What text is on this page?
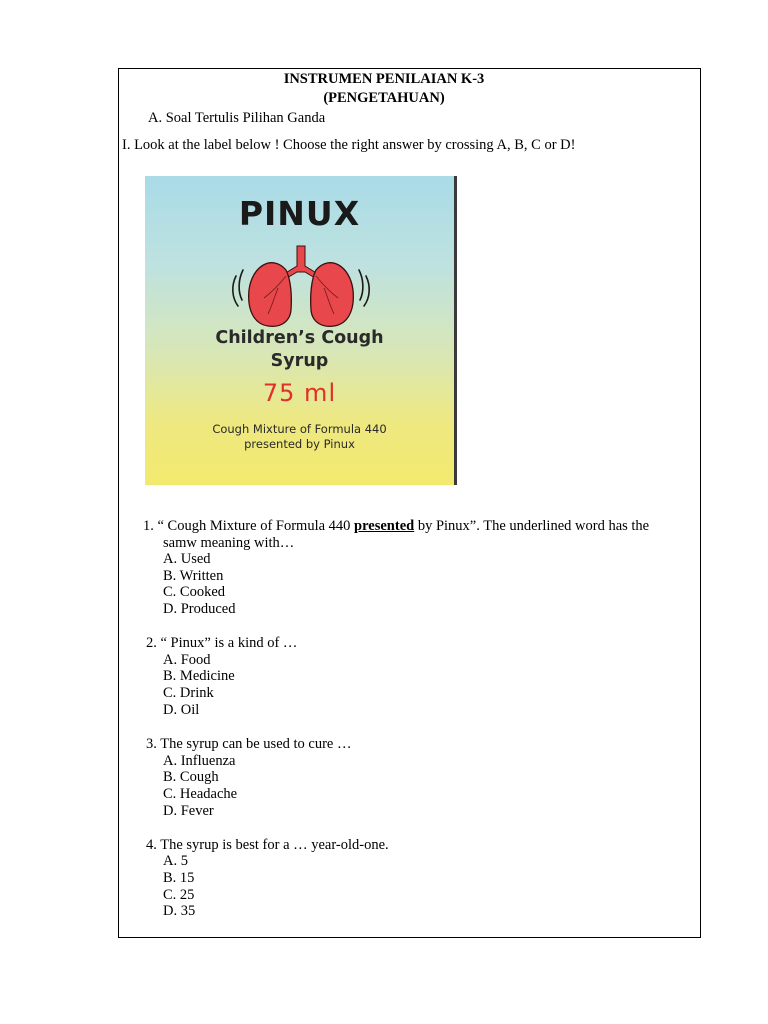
INSTRUMEN PENILAIAN K-3
(PENGETAHUAN)
A. Soal Tertulis Pilihan Ganda
I. Look at the label below ! Choose the right answer by crossing A, B, C or D!
PINUX
Children’s Cough
Syrup
75 ml
Cough Mixture of Formula 440
presented by Pinux
1. “ Cough Mixture of Formula 440 presented by Pinux”. The underlined word has the
samw meaning with…
A. Used
B. Written
C. Cooked
D. Produced
2. “ Pinux” is a kind of …
A. Food
B. Medicine
C. Drink
D. Oil
3. The syrup can be used to cure …
A. Influenza
B. Cough
C. Headache
D. Fever
4. The syrup is best for a … year-old-one.
A. 5
B. 15
C. 25
D. 35
